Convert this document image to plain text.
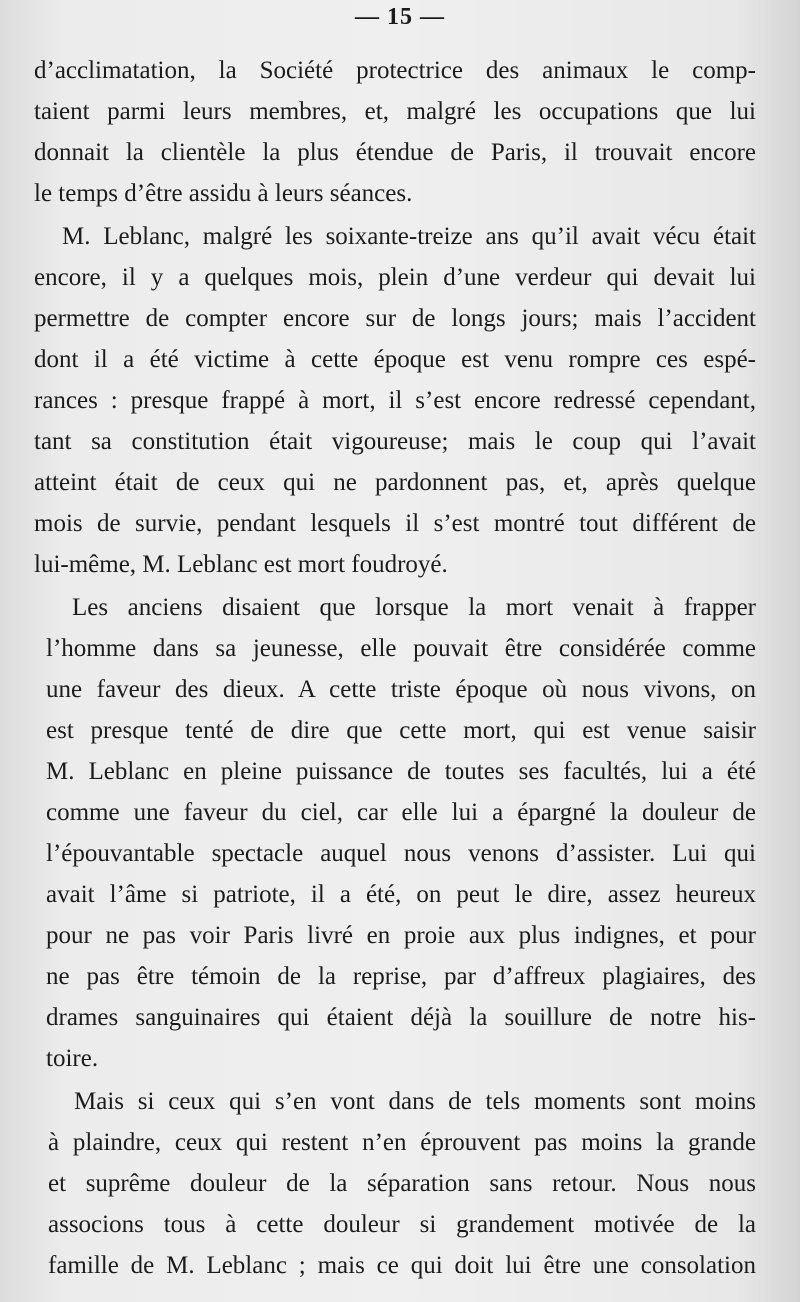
— 15 —
d’acclimatation, la Société protectrice des animaux le comp-
taient parmi leurs membres, et, malgré les occupations que lui
donnait la clientèle la plus étendue de Paris, il trouvait encore
le temps d’être assidu à leurs séances.
M. Leblanc, malgré les soixante-treize ans qu’il avait vécu était
encore, il y a quelques mois, plein d’une verdeur qui devait lui
permettre de compter encore sur de longs jours; mais l’accident
dont il a été victime à cette époque est venu rompre ces espé-
rances : presque frappé à mort, il s’est encore redressé cependant,
tant sa constitution était vigoureuse; mais le coup qui l’avait
atteint était de ceux qui ne pardonnent pas, et, après quelque
mois de survie, pendant lesquels il s’est montré tout différent de
lui-même, M. Leblanc est mort foudroyé.
Les anciens disaient que lorsque la mort venait à frapper
l’homme dans sa jeunesse, elle pouvait être considérée comme
une faveur des dieux. A cette triste époque où nous vivons, on
est presque tenté de dire que cette mort, qui est venue saisir
M. Leblanc en pleine puissance de toutes ses facultés, lui a été
comme une faveur du ciel, car elle lui a épargné la douleur de
l’épouvantable spectacle auquel nous venons d’assister. Lui qui
avait l’âme si patriote, il a été, on peut le dire, assez heureux
pour ne pas voir Paris livré en proie aux plus indignes, et pour
ne pas être témoin de la reprise, par d’affreux plagiaires, des
drames sanguinaires qui étaient déjà la souillure de notre his-
toire.
Mais si ceux qui s’en vont dans de tels moments sont moins
à plaindre, ceux qui restent n’en éprouvent pas moins la grande
et suprême douleur de la séparation sans retour. Nous nous
associons tous à cette douleur si grandement motivée de la
famille de M. Leblanc ; mais ce qui doit lui être une consolation
